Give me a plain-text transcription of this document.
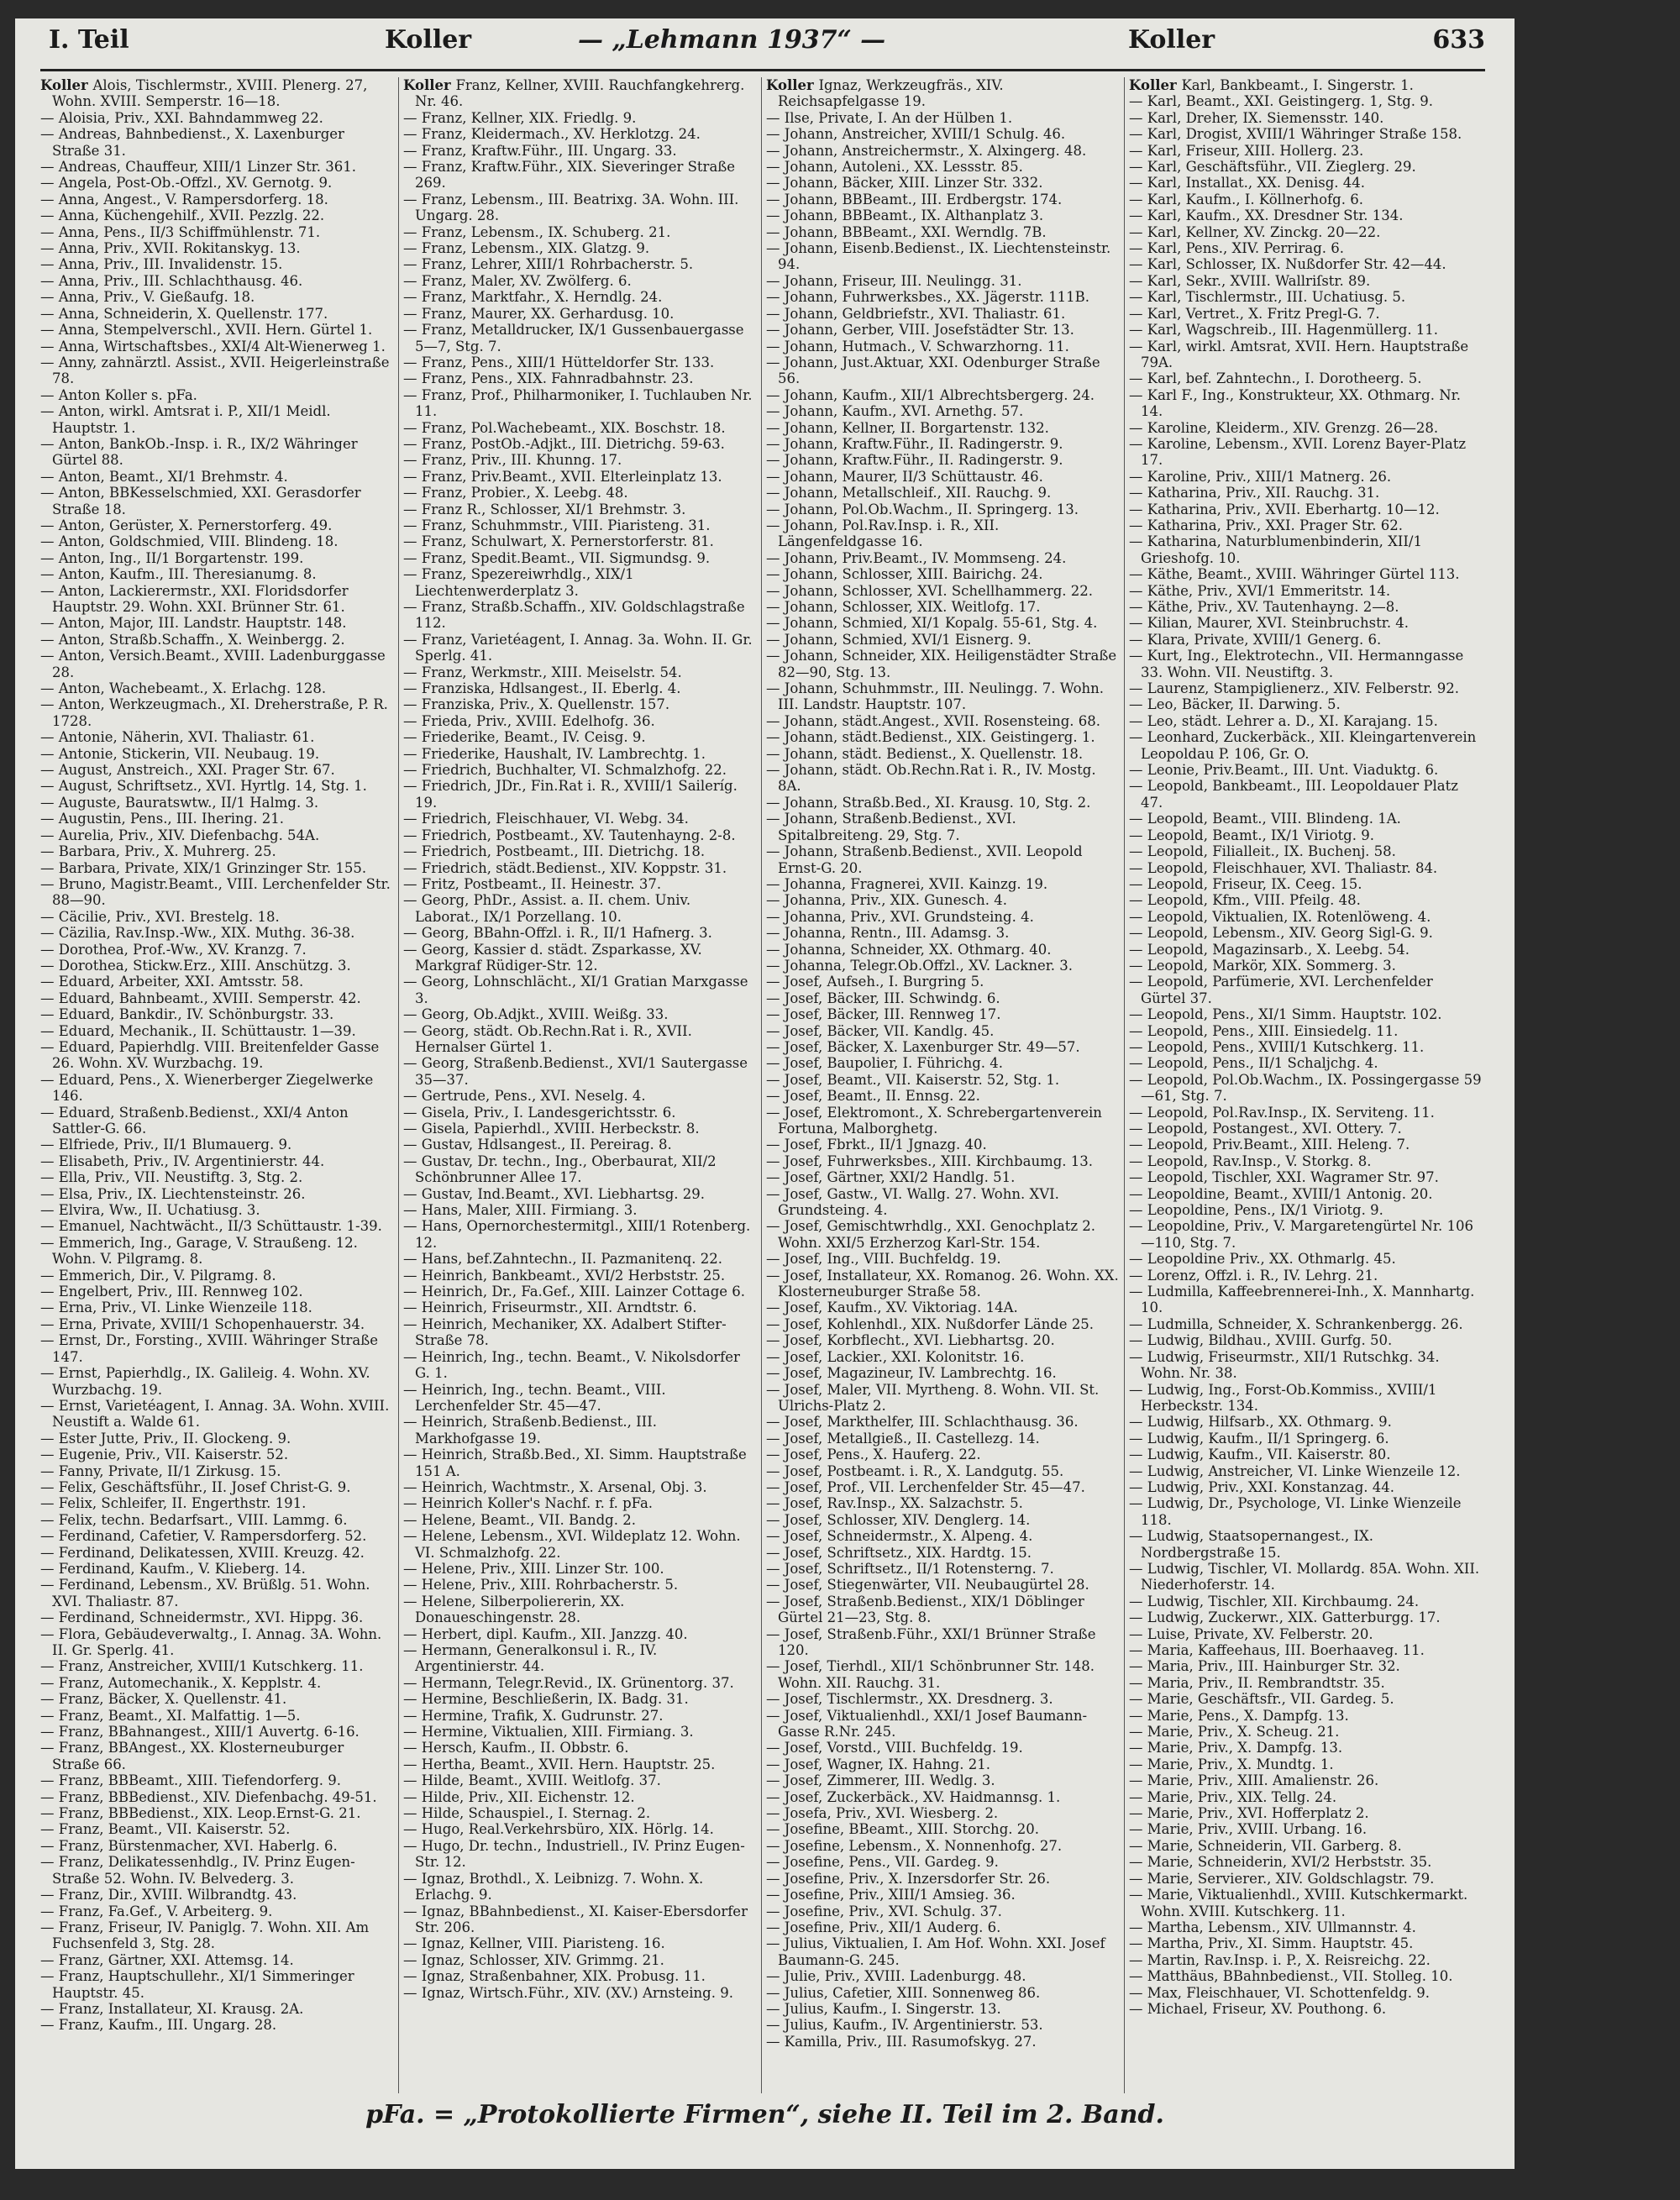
I. Teil	Koller	— „Lehmann 1937“ —	Koller	633
Koller Alois, Tischlermstr., XVIII. Plenerg. 27, Wohn. XVIII. Semperstr. 16—18.
— Aloisia, Priv., XXI. Bahndammweg 22.
— Andreas, Bahnbedienst., X. Laxenburger Straße 31.
— Andreas, Chauffeur, XIII/1 Linzer Str. 361.
— Angela, Post-Ob.-Offzl., XV. Gernotg. 9.
— Anna, Angest., V. Rampersdorferg. 18.
— Anna, Küchengehilf., XVII. Pezzlg. 22.
— Anna, Pens., II/3 Schiffmühlenstr. 71.
— Anna, Priv., XVII. Rokitanskyg. 13.
— Anna, Priv., III. Invalidenstr. 15.
— Anna, Priv., III. Schlachthausg. 46.
— Anna, Priv., V. Gießaufg. 18.
— Anna, Schneiderin, X. Quellenstr. 177.
— Anna, Stempelverschl., XVII. Hern. Gürtel 1.
— Anna, Wirtschaftsbes., XXI/4 Alt-Wienerweg 1.
— Anny, zahnärztl. Assist., XVII. Heigerleinstraße 78.
— Anton Koller s. pFa.
— Anton, wirkl. Amtsrat i. P., XII/1 Meidl. Hauptstr. 1.
— Anton, BankOb.-Insp. i. R., IX/2 Währinger Gürtel 88.
— Anton, Beamt., XI/1 Brehmstr. 4.
— Anton, BBKesselschmied, XXI. Gerasdorfer Straße 18.
— Anton, Gerüster, X. Pernerstorferg. 49.
— Anton, Goldschmied, VIII. Blindeng. 18.
— Anton, Ing., II/1 Borgartenstr. 199.
— Anton, Kaufm., III. Theresianumg. 8.
— Anton, Lackierermstr., XXI. Floridsdorfer Hauptstr. 29. Wohn. XXI. Brünner Str. 61.
— Anton, Major, III. Landstr. Hauptstr. 148.
— Anton, Straßb.Schaffn., X. Weinbergg. 2.
— Anton, Versich.Beamt., XVIII. Ladenburggasse 28.
— Anton, Wachebeamt., X. Erlachg. 128.
— Anton, Werkzeugmach., XI. Dreherstraße, P. R. 1728.
— Antonie, Näherin, XVI. Thaliastr. 61.
— Antonie, Stickerin, VII. Neubaug. 19.
— August, Anstreich., XXI. Prager Str. 67.
— August, Schriftsetz., XVI. Hyrtlg. 14, Stg. 1.
— Auguste, Bauratswtw., II/1 Halmg. 3.
— Augustin, Pens., III. Ihering. 21.
— Aurelia, Priv., XIV. Diefenbachg. 54A.
— Barbara, Priv., X. Muhrerg. 25.
— Barbara, Private, XIX/1 Grinzinger Str. 155.
— Bruno, Magistr.Beamt., VIII. Lerchenfelder Str. 88—90.
— Cäcilie, Priv., XVI. Brestelg. 18.
— Cäzilia, Rav.Insp.-Ww., XIX. Muthg. 36-38.
— Dorothea, Prof.-Ww., XV. Kranzg. 7.
— Dorothea, Stickw.Erz., XIII. Anschützg. 3.
— Eduard, Arbeiter, XXI. Amtsstr. 58.
— Eduard, Bahnbeamt., XVIII. Semperstr. 42.
— Eduard, Bankdir., IV. Schönburgstr. 33.
— Eduard, Mechanik., II. Schüttaustr. 1—39.
— Eduard, Papierhdlg. VIII. Breitenfelder Gasse 26. Wohn. XV. Wurzbachg. 19.
— Eduard, Pens., X. Wienerberger Ziegelwerke 146.
— Eduard, Straßenb.Bedienst., XXI/4 Anton Sattler-G. 66.
— Elfriede, Priv., II/1 Blumauerg. 9.
— Elisabeth, Priv., IV. Argentinierstr. 44.
— Ella, Priv., VII. Neustiftg. 3, Stg. 2.
— Elsa, Priv., IX. Liechtensteinstr. 26.
— Elvira, Ww., II. Uchatiusg. 3.
— Emanuel, Nachtwächt., II/3 Schüttaustr. 1-39.
— Emmerich, Ing., Garage, V. Straußeng. 12. Wohn. V. Pilgramg. 8.
— Emmerich, Dir., V. Pilgramg. 8.
— Engelbert, Priv., III. Rennweg 102.
— Erna, Priv., VI. Linke Wienzeile 118.
— Erna, Private, XVIII/1 Schopenhauerstr. 34.
— Ernst, Dr., Forsting., XVIII. Währinger Straße 147.
— Ernst, Papierhdlg., IX. Galileig. 4. Wohn. XV. Wurzbachg. 19.
— Ernst, Varietéagent, I. Annag. 3A. Wohn. XVIII. Neustift a. Walde 61.
— Ester Jutte, Priv., II. Glockeng. 9.
— Eugenie, Priv., VII. Kaiserstr. 52.
— Fanny, Private, II/1 Zirkusg. 15.
— Felix, Geschäftsführ., II. Josef Christ-G. 9.
— Felix, Schleifer, II. Engerthstr. 191.
— Felix, techn. Bedarfsart., VIII. Lammg. 6.
— Ferdinand, Cafetier, V. Rampersdorferg. 52.
— Ferdinand, Delikatessen, XVIII. Kreuzg. 42.
— Ferdinand, Kaufm., V. Klieberg. 14.
— Ferdinand, Lebensm., XV. Brüßlg. 51. Wohn. XVI. Thaliastr. 87.
— Ferdinand, Schneidermstr., XVI. Hippg. 36.
— Flora, Gebäudeverwaltg., I. Annag. 3A. Wohn. II. Gr. Sperlg. 41.
— Franz, Anstreicher, XVIII/1 Kutschkerg. 11.
— Franz, Automechanik., X. Kepplstr. 4.
— Franz, Bäcker, X. Quellenstr. 41.
— Franz, Beamt., XI. Malfattig. 1—5.
— Franz, BBahnangest., XIII/1 Auvertg. 6-16.
— Franz, BBAngest., XX. Klosterneuburger Straße 66.
— Franz, BBBeamt., XIII. Tiefendorferg. 9.
— Franz, BBBedienst., XIV. Diefenbachg. 49-51.
— Franz, BBBedienst., XIX. Leop.Ernst-G. 21.
— Franz, Beamt., VII. Kaiserstr. 52.
— Franz, Bürstenmacher, XVI. Haberlg. 6.
— Franz, Delikatessenhdlg., IV. Prinz Eugen-Straße 52. Wohn. IV. Belvederg. 3.
— Franz, Dir., XVIII. Wilbrandtg. 43.
— Franz, Fa.Gef., V. Arbeiterg. 9.
— Franz, Friseur, IV. Paniglg. 7. Wohn. XII. Am Fuchsenfeld 3, Stg. 28.
— Franz, Gärtner, XXI. Attemsg. 14.
— Franz, Hauptschullehr., XI/1 Simmeringer Hauptstr. 45.
— Franz, Installateur, XI. Krausg. 2A.
— Franz, Kaufm., III. Ungarg. 28.
Koller Franz, Kellner, XVIII. Rauchfangkehrerg. Nr. 46.
— Franz, Kellner, XIX. Friedlg. 9.
— Franz, Kleidermach., XV. Herklotzg. 24.
— Franz, Kraftw.Führ., III. Ungarg. 33.
— Franz, Kraftw.Führ., XIX. Sieveringer Straße 269.
— Franz, Lebensm., III. Beatrixg. 3A. Wohn. III. Ungarg. 28.
— Franz, Lebensm., IX. Schuberg. 21.
— Franz, Lebensm., XIX. Glatzg. 9.
— Franz, Lehrer, XIII/1 Rohrbacherstr. 5.
— Franz, Maler, XV. Zwölferg. 6.
— Franz, Marktfahr., X. Herndlg. 24.
— Franz, Maurer, XX. Gerhardusg. 10.
— Franz, Metalldrucker, IX/1 Gussenbauergasse 5—7, Stg. 7.
— Franz, Pens., XIII/1 Hütteldorfer Str. 133.
— Franz, Pens., XIX. Fahnradbahnstr. 23.
— Franz, Prof., Philharmoniker, I. Tuchlauben Nr. 11.
— Franz, Pol.Wachebeamt., XIX. Boschstr. 18.
— Franz, PostOb.-Adjkt., III. Dietrichg. 59-63.
— Franz, Priv., III. Khunng. 17.
— Franz, Priv.Beamt., XVII. Elterleinplatz 13.
— Franz, Probier., X. Leebg. 48.
— Franz R., Schlosser, XI/1 Brehmstr. 3.
— Franz, Schuhmmstr., VIII. Piaristeng. 31.
— Franz, Schulwart, X. Pernerstorferstr. 81.
— Franz, Spedit.Beamt., VII. Sigmundsg. 9.
— Franz, Spezereiwrhdlg., XIX/1 Liechtenwerderplatz 3.
— Franz, Straßb.Schaffn., XIV. Goldschlagstraße 112.
— Franz, Varietéagent, I. Annag. 3a. Wohn. II. Gr. Sperlg. 41.
— Franz, Werkmstr., XIII. Meiselstr. 54.
— Franziska, Hdlsangest., II. Eberlg. 4.
— Franziska, Priv., X. Quellenstr. 157.
— Frieda, Priv., XVIII. Edelhofg. 36.
— Friederike, Beamt., IV. Ceisg. 9.
— Friederike, Haushalt, IV. Lambrechtg. 1.
— Friedrich, Buchhalter, VI. Schmalzhofg. 22.
— Friedrich, JDr., Fin.Rat i. R., XVIII/1 Saileríg. 19.
— Friedrich, Fleischhauer, VI. Webg. 34.
— Friedrich, Postbeamt., XV. Tautenhayng. 2-8.
— Friedrich, Postbeamt., III. Dietrichg. 18.
— Friedrich, städt.Bedienst., XIV. Koppstr. 31.
— Fritz, Postbeamt., II. Heinestr. 37.
— Georg, PhDr., Assist. a. II. chem. Univ. Laborat., IX/1 Porzellang. 10.
— Georg, BBahn-Offzl. i. R., II/1 Hafnerg. 3.
— Georg, Kassier d. städt. Zsparkasse, XV. Markgraf Rüdiger-Str. 12.
— Georg, Lohnschlächt., XI/1 Gratian Marxgasse 3.
— Georg, Ob.Adjkt., XVIII. Weißg. 33.
— Georg, städt. Ob.Rechn.Rat i. R., XVII. Hernalser Gürtel 1.
— Georg, Straßenb.Bedienst., XVI/1 Sautergasse 35—37.
— Gertrude, Pens., XVI. Neselg. 4.
— Gisela, Priv., I. Landesgerichtsstr. 6.
— Gisela, Papierhdl., XVIII. Herbeckstr. 8.
— Gustav, Hdlsangest., II. Pereirag. 8.
— Gustav, Dr. techn., Ing., Oberbaurat, XII/2 Schönbrunner Allee 17.
— Gustav, Ind.Beamt., XVI. Liebhartsg. 29.
— Hans, Maler, XIII. Firmiang. 3.
— Hans, Opernorchestermitgl., XIII/1 Rotenberg. 12.
— Hans, bef.Zahntechn., II. Pazmanitenq. 22.
— Heinrich, Bankbeamt., XVI/2 Herbststr. 25.
— Heinrich, Dr., Fa.Gef., XIII. Lainzer Cottage 6.
— Heinrich, Friseurmstr., XII. Arndtstr. 6.
— Heinrich, Mechaniker, XX. Adalbert Stifter-Straße 78.
— Heinrich, Ing., techn. Beamt., V. Nikolsdorfer G. 1.
— Heinrich, Ing., techn. Beamt., VIII. Lerchenfelder Str. 45—47.
— Heinrich, Straßenb.Bedienst., III. Markhofgasse 19.
— Heinrich, Straßb.Bed., XI. Simm. Hauptstraße 151 A.
— Heinrich, Wachtmstr., X. Arsenal, Obj. 3.
— Heinrich Koller's Nachf. r. f. pFa.
— Helene, Beamt., VII. Bandg. 2.
— Helene, Lebensm., XVI. Wildeplatz 12. Wohn. VI. Schmalzhofg. 22.
— Helene, Priv., XIII. Linzer Str. 100.
— Helene, Priv., XIII. Rohrbacherstr. 5.
— Helene, Silberpoliererin, XX. Donaueschingenstr. 28.
— Herbert, dipl. Kaufm., XII. Janzzg. 40.
— Hermann, Generalkonsul i. R., IV. Argentinierstr. 44.
— Hermann, Telegr.Revid., IX. Grünentorg. 37.
— Hermine, Beschließerin, IX. Badg. 31.
— Hermine, Trafik, X. Gudrunstr. 27.
— Hermine, Viktualien, XIII. Firmiang. 3.
— Hersch, Kaufm., II. Obbstr. 6.
— Hertha, Beamt., XVII. Hern. Hauptstr. 25.
— Hilde, Beamt., XVIII. Weitlofg. 37.
— Hilde, Priv., XII. Eichenstr. 12.
— Hilde, Schauspiel., I. Sternag. 2.
— Hugo, Real.Verkehrsbüro, XIX. Hörlg. 14.
— Hugo, Dr. techn., Industriell., IV. Prinz Eugen-Str. 12.
— Ignaz, Brothdl., X. Leibnizg. 7. Wohn. X. Erlachg. 9.
— Ignaz, BBahnbedienst., XI. Kaiser-Ebersdorfer Str. 206.
— Ignaz, Kellner, VIII. Piaristeng. 16.
— Ignaz, Schlosser, XIV. Grimmg. 21.
— Ignaz, Straßenbahner, XIX. Probusg. 11.
— Ignaz, Wirtsch.Führ., XIV. (XV.) Arnsteing. 9.
Koller Ignaz, Werkzeugfräs., XIV. Reichsapfelgasse 19.
— Ilse, Private, I. An der Hülben 1.
— Johann, Anstreicher, XVIII/1 Schulg. 46.
— Johann, Anstreichermstr., X. Alxingerg. 48.
— Johann, Autoleni., XX. Lessstr. 85.
— Johann, Bäcker, XIII. Linzer Str. 332.
— Johann, BBBeamt., III. Erdbergstr. 174.
— Johann, BBBeamt., IX. Althanplatz 3.
— Johann, BBBeamt., XXI. Werndlg. 7B.
— Johann, Eisenb.Bedienst., IX. Liechtensteinstr. 94.
— Johann, Friseur, III. Neulingg. 31.
— Johann, Fuhrwerksbes., XX. Jägerstr. 111B.
— Johann, Geldbriefstr., XVI. Thaliastr. 61.
— Johann, Gerber, VIII. Josefstädter Str. 13.
— Johann, Hutmach., V. Schwarzhorng. 11.
— Johann, Just.Aktuar, XXI. Odenburger Straße 56.
— Johann, Kaufm., XII/1 Albrechtsbergerg. 24.
— Johann, Kaufm., XVI. Arnethg. 57.
— Johann, Kellner, II. Borgartenstr. 132.
— Johann, Kraftw.Führ., II. Radingerstr. 9.
— Johann, Kraftw.Führ., II. Radingerstr. 9.
— Johann, Maurer, II/3 Schüttaustr. 46.
— Johann, Metallschleif., XII. Rauchg. 9.
— Johann, Pol.Ob.Wachm., II. Springerg. 13.
— Johann, Pol.Rav.Insp. i. R., XII. Längenfeldgasse 16.
— Johann, Priv.Beamt., IV. Mommseng. 24.
— Johann, Schlosser, XIII. Bairichg. 24.
— Johann, Schlosser, XVI. Schellhammerg. 22.
— Johann, Schlosser, XIX. Weitlofg. 17.
— Johann, Schmied, XI/1 Kopalg. 55-61, Stg. 4.
— Johann, Schmied, XVI/1 Eisnerg. 9.
— Johann, Schneider, XIX. Heiligenstädter Straße 82—90, Stg. 13.
— Johann, Schuhmmstr., III. Neulingg. 7. Wohn. III. Landstr. Hauptstr. 107.
— Johann, städt.Angest., XVII. Rosensteing. 68.
— Johann, städt.Bedienst., XIX. Geistingerg. 1.
— Johann, städt. Bedienst., X. Quellenstr. 18.
— Johann, städt. Ob.Rechn.Rat i. R., IV. Mostg. 8A.
— Johann, Straßb.Bed., XI. Krausg. 10, Stg. 2.
— Johann, Straßenb.Bedienst., XVI. Spitalbreiteng. 29, Stg. 7.
— Johann, Straßenb.Bedienst., XVII. Leopold Ernst-G. 20.
— Johanna, Fragnerei, XVII. Kainzg. 19.
— Johanna, Priv., XIX. Gunesch. 4.
— Johanna, Priv., XVI. Grundsteing. 4.
— Johanna, Rentn., III. Adamsg. 3.
— Johanna, Schneider, XX. Othmarg. 40.
— Johanna, Telegr.Ob.Offzl., XV. Lackner. 3.
— Josef, Aufseh., I. Burgring 5.
— Josef, Bäcker, III. Schwindg. 6.
— Josef, Bäcker, III. Rennweg 17.
— Josef, Bäcker, VII. Kandlg. 45.
— Josef, Bäcker, X. Laxenburger Str. 49—57.
— Josef, Baupolier, I. Führichg. 4.
— Josef, Beamt., VII. Kaiserstr. 52, Stg. 1.
— Josef, Beamt., II. Ennsg. 22.
— Josef, Elektromont., X. Schrebergartenverein Fortuna, Malborghetg.
— Josef, Fbrkt., II/1 Jgnazg. 40.
— Josef, Fuhrwerksbes., XIII. Kirchbaumg. 13.
— Josef, Gärtner, XXI/2 Handlg. 51.
— Josef, Gastw., VI. Wallg. 27. Wohn. XVI. Grundsteing. 4.
— Josef, Gemischtwrhdlg., XXI. Genochplatz 2. Wohn. XXI/5 Erzherzog Karl-Str. 154.
— Josef, Ing., VIII. Buchfeldg. 19.
— Josef, Installateur, XX. Romanog. 26. Wohn. XX. Klosterneuburger Straße 58.
— Josef, Kaufm., XV. Viktoriag. 14A.
— Josef, Kohlenhdl., XIX. Nußdorfer Lände 25.
— Josef, Korbflecht., XVI. Liebhartsg. 20.
— Josef, Lackier., XXI. Kolonitstr. 16.
— Josef, Magazineur, IV. Lambrechtg. 16.
— Josef, Maler, VII. Myrtheng. 8. Wohn. VII. St. Ulrichs-Platz 2.
— Josef, Markthelfer, III. Schlachthausg. 36.
— Josef, Metallgieß., II. Castellezg. 14.
— Josef, Pens., X. Hauferg. 22.
— Josef, Postbeamt. i. R., X. Landgutg. 55.
— Josef, Prof., VII. Lerchenfelder Str. 45—47.
— Josef, Rav.Insp., XX. Salzachstr. 5.
— Josef, Schlosser, XIV. Denglerg. 14.
— Josef, Schneidermstr., X. Alpeng. 4.
— Josef, Schriftsetz., XIX. Hardtg. 15.
— Josef, Schriftsetz., II/1 Rotensterng. 7.
— Josef, Stiegenwärter, VII. Neubaugürtel 28.
— Josef, Straßenb.Bedienst., XIX/1 Döblinger Gürtel 21—23, Stg. 8.
— Josef, Straßenb.Führ., XXI/1 Brünner Straße 120.
— Josef, Tierhdl., XII/1 Schönbrunner Str. 148. Wohn. XII. Rauchg. 31.
— Josef, Tischlermstr., XX. Dresdnerg. 3.
— Josef, Viktualienhdl., XXI/1 Josef Baumann-Gasse R.Nr. 245.
— Josef, Vorstd., VIII. Buchfeldg. 19.
— Josef, Wagner, IX. Hahng. 21.
— Josef, Zimmerer, III. Wedlg. 3.
— Josef, Zuckerbäck., XV. Haidmannsg. 1.
— Josefa, Priv., XVI. Wiesberg. 2.
— Josefine, BBeamt., XIII. Storchg. 20.
— Josefine, Lebensm., X. Nonnenhofg. 27.
— Josefine, Pens., VII. Gardeg. 9.
— Josefine, Priv., X. Inzersdorfer Str. 26.
— Josefine, Priv., XIII/1 Amsieg. 36.
— Josefine, Priv., XVI. Schulg. 37.
— Josefine, Priv., XII/1 Auderg. 6.
— Julius, Viktualien, I. Am Hof. Wohn. XXI. Josef Baumann-G. 245.
— Julie, Priv., XVIII. Ladenburgg. 48.
— Julius, Cafetier, XIII. Sonnenweg 86.
— Julius, Kaufm., I. Singerstr. 13.
— Julius, Kaufm., IV. Argentinierstr. 53.
— Kamilla, Priv., III. Rasumofskyg. 27.
Koller Karl, Bankbeamt., I. Singerstr. 1.
— Karl, Beamt., XXI. Geistingerg. 1, Stg. 9.
— Karl, Dreher, IX. Siemensstr. 140.
— Karl, Drogist, XVIII/1 Währinger Straße 158.
— Karl, Friseur, XIII. Hollerg. 23.
— Karl, Geschäftsführ., VII. Zieglerg. 29.
— Karl, Installat., XX. Denisg. 44.
— Karl, Kaufm., I. Köllnerhofg. 6.
— Karl, Kaufm., XX. Dresdner Str. 134.
— Karl, Kellner, XV. Zinckg. 20—22.
— Karl, Pens., XIV. Perrirag. 6.
— Karl, Schlosser, IX. Nußdorfer Str. 42—44.
— Karl, Sekr., XVIII. Wallriſstr. 89.
— Karl, Tischlermstr., III. Uchatiusg. 5.
— Karl, Vertret., X. Fritz Pregl-G. 7.
— Karl, Wagschreib., III. Hagenmüllerg. 11.
— Karl, wirkl. Amtsrat, XVII. Hern. Hauptstraße 79A.
— Karl, bef. Zahntechn., I. Dorotheerg. 5.
— Karl F., Ing., Konstrukteur, XX. Othmarg. Nr. 14.
— Karoline, Kleiderm., XIV. Grenzg. 26—28.
— Karoline, Lebensm., XVII. Lorenz Bayer-Platz 17.
— Karoline, Priv., XIII/1 Matnerg. 26.
— Katharina, Priv., XII. Rauchg. 31.
— Katharina, Priv., XVII. Eberhartg. 10—12.
— Katharina, Priv., XXI. Prager Str. 62.
— Katharina, Naturblumenbinderin, XII/1 Grieshofg. 10.
— Käthe, Beamt., XVIII. Währinger Gürtel 113.
— Käthe, Priv., XVI/1 Emmeritstr. 14.
— Käthe, Priv., XV. Tautenhayng. 2—8.
— Kilian, Maurer, XVI. Steinbruchstr. 4.
— Klara, Private, XVIII/1 Generg. 6.
— Kurt, Ing., Elektrotechn., VII. Hermanngasse 33. Wohn. VII. Neustiftg. 3.
— Laurenz, Stampiglienerz., XIV. Felberstr. 92.
— Leo, Bäcker, II. Darwing. 5.
— Leo, städt. Lehrer a. D., XI. Karajang. 15.
— Leonhard, Zuckerbäck., XII. Kleingartenverein Leopoldau P. 106, Gr. O.
— Leonie, Priv.Beamt., III. Unt. Viaduktg. 6.
— Leopold, Bankbeamt., III. Leopoldauer Platz 47.
— Leopold, Beamt., VIII. Blindeng. 1A.
— Leopold, Beamt., IX/1 Viriotg. 9.
— Leopold, Filialleit., IX. Buchenj. 58.
— Leopold, Fleischhauer, XVI. Thaliastr. 84.
— Leopold, Friseur, IX. Ceeg. 15.
— Leopold, Kfm., VIII. Pfeilg. 48.
— Leopold, Viktualien, IX. Rotenlöweng. 4.
— Leopold, Lebensm., XIV. Georg Sigl-G. 9.
— Leopold, Magazinsarb., X. Leebg. 54.
— Leopold, Markör, XIX. Sommerg. 3.
— Leopold, Parfümerie, XVI. Lerchenfelder Gürtel 37.
— Leopold, Pens., XI/1 Simm. Hauptstr. 102.
— Leopold, Pens., XIII. Einsiedelg. 11.
— Leopold, Pens., XVIII/1 Kutschkerg. 11.
— Leopold, Pens., II/1 Schaljchg. 4.
— Leopold, Pol.Ob.Wachm., IX. Possingergasse 59—61, Stg. 7.
— Leopold, Pol.Rav.Insp., IX. Serviteng. 11.
— Leopold, Postangest., XVI. Ottery. 7.
— Leopold, Priv.Beamt., XIII. Heleng. 7.
— Leopold, Rav.Insp., V. Storkg. 8.
— Leopold, Tischler, XXI. Wagramer Str. 97.
— Leopoldine, Beamt., XVIII/1 Antonig. 20.
— Leopoldine, Pens., IX/1 Viriotg. 9.
— Leopoldine, Priv., V. Margaretengürtel Nr. 106—110, Stg. 7.
— Leopoldine Priv., XX. Othmarlg. 45.
— Lorenz, Offzl. i. R., IV. Lehrg. 21.
— Ludmilla, Kaffeebrennerei-Inh., X. Mannhartg. 10.
— Ludmilla, Schneider, X. Schrankenbergg. 26.
— Ludwig, Bildhau., XVIII. Gurfg. 50.
— Ludwig, Friseurmstr., XII/1 Rutschkg. 34. Wohn. Nr. 38.
— Ludwig, Ing., Forst-Ob.Kommiss., XVIII/1 Herbeckstr. 134.
— Ludwig, Hilfsarb., XX. Othmarg. 9.
— Ludwig, Kaufm., II/1 Springerg. 6.
— Ludwig, Kaufm., VII. Kaiserstr. 80.
— Ludwig, Anstreicher, VI. Linke Wienzeile 12.
— Ludwig, Priv., XXI. Konstanzag. 44.
— Ludwig, Dr., Psychologe, VI. Linke Wienzeile 118.
— Ludwig, Staatsopernangest., IX. Nordbergstraße 15.
— Ludwig, Tischler, VI. Mollardg. 85A. Wohn. XII. Niederhoferstr. 14.
— Ludwig, Tischler, XII. Kirchbaumg. 24.
— Ludwig, Zuckerwr., XIX. Gatterburgg. 17.
— Luise, Private, XV. Felberstr. 20.
— Maria, Kaffeehaus, III. Boerhaaveg. 11.
— Maria, Priv., III. Hainburger Str. 32.
— Maria, Priv., II. Rembrandtstr. 35.
— Marie, Geschäftsfr., VII. Gardeg. 5.
— Marie, Pens., X. Dampfg. 13.
— Marie, Priv., X. Scheug. 21.
— Marie, Priv., X. Dampfg. 13.
— Marie, Priv., X. Mundtg. 1.
— Marie, Priv., XIII. Amalienstr. 26.
— Marie, Priv., XIX. Tellg. 24.
— Marie, Priv., XVI. Hofferplatz 2.
— Marie, Priv., XVIII. Urbang. 16.
— Marie, Schneiderin, VII. Garberg. 8.
— Marie, Schneiderin, XVI/2 Herbststr. 35.
— Marie, Servierer., XIV. Goldschlagstr. 79.
— Marie, Viktualienhdl., XVIII. Kutschkermarkt. Wohn. XVIII. Kutschkerg. 11.
— Martha, Lebensm., XIV. Ullmannstr. 4.
— Martha, Priv., XI. Simm. Hauptstr. 45.
— Martin, Rav.Insp. i. P., X. Reisreichg. 22.
— Matthäus, BBahnbedienst., VII. Stolleg. 10.
— Max, Fleischhauer, VI. Schottenfeldg. 9.
— Michael, Friseur, XV. Pouthong. 6.
pFa. = „Protokollierte Firmen“, siehe II. Teil im 2. Band.
